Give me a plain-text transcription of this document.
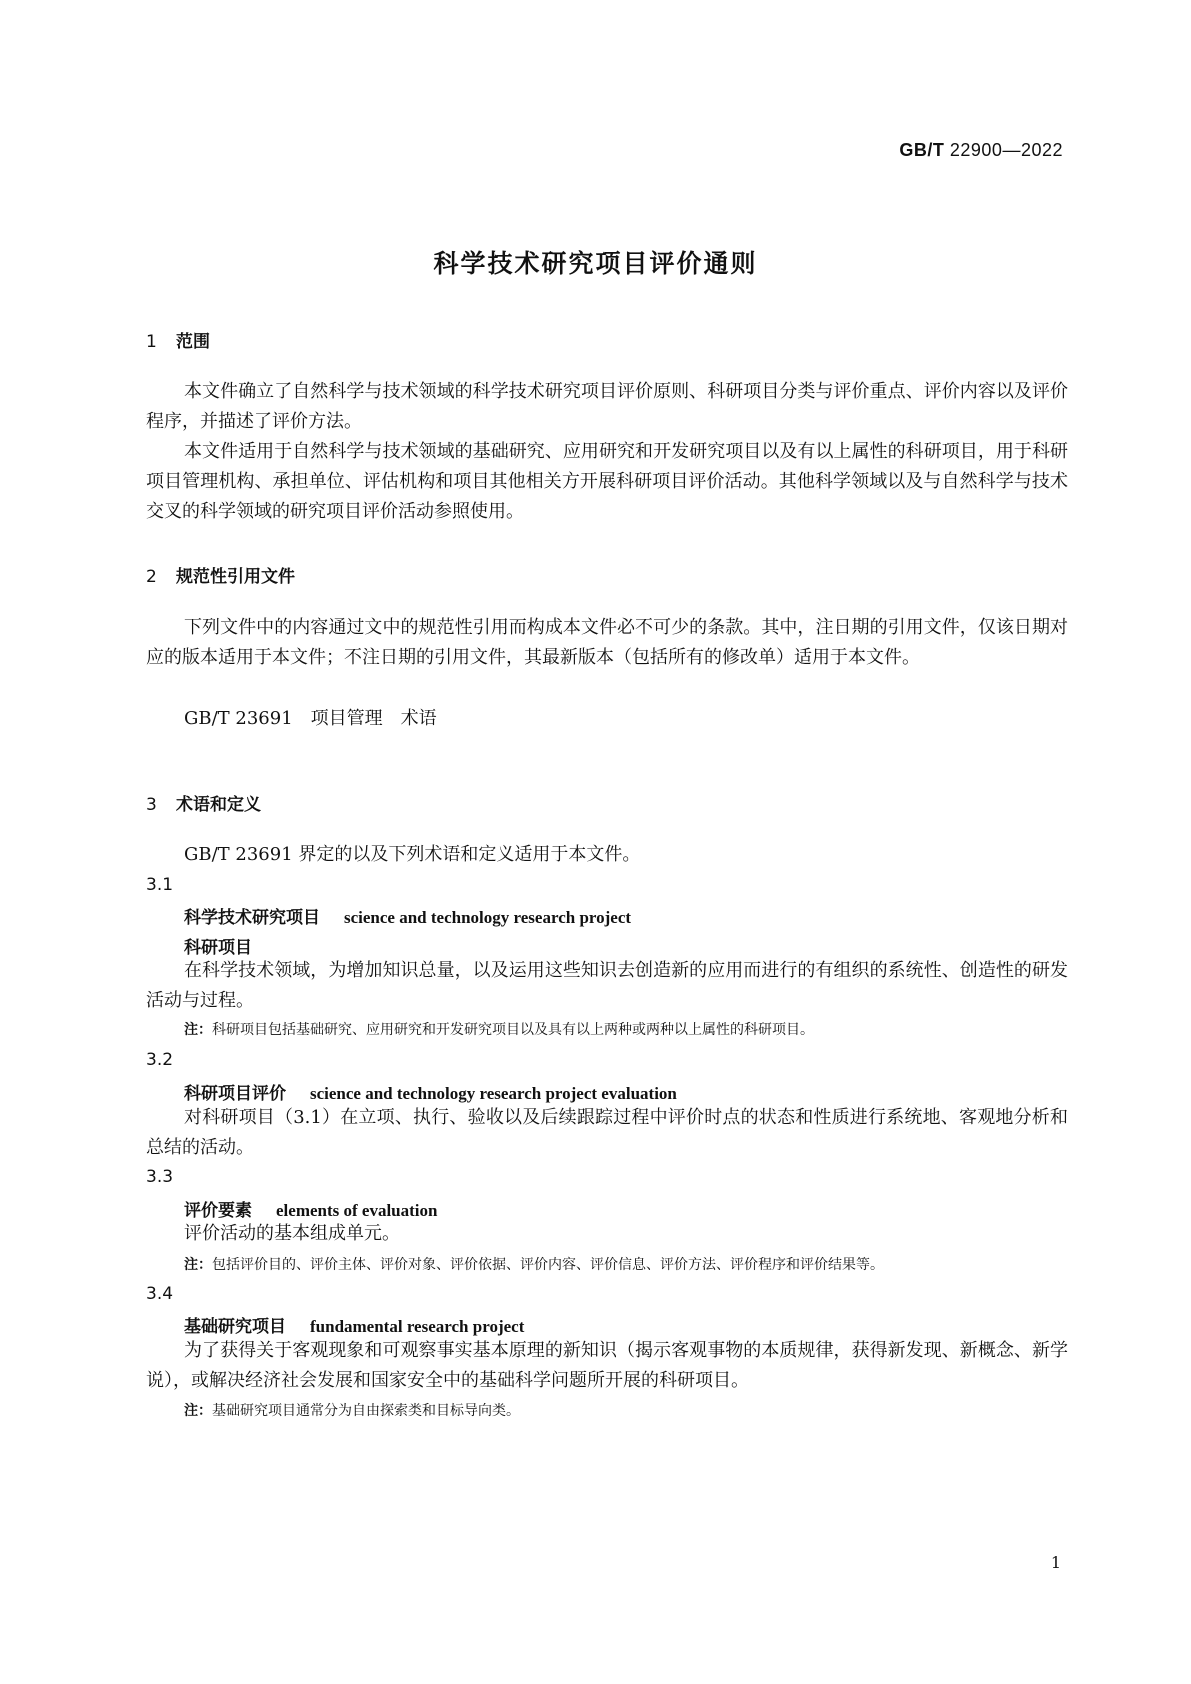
GB/T 22900—2022
科学技术研究项目评价通则
1 范围
本文件确立了自然科学与技术领域的科学技术研究项目评价原则、科研项目分类与评价重点、评价内容以及评价程序，并描述了评价方法。
本文件适用于自然科学与技术领域的基础研究、应用研究和开发研究项目以及有以上属性的科研项目，用于科研项目管理机构、承担单位、评估机构和项目其他相关方开展科研项目评价活动。其他科学领域以及与自然科学与技术交叉的科学领域的研究项目评价活动参照使用。
2 规范性引用文件
下列文件中的内容通过文中的规范性引用而构成本文件必不可少的条款。其中，注日期的引用文件，仅该日期对应的版本适用于本文件；不注日期的引用文件，其最新版本（包括所有的修改单）适用于本文件。
GB/T 23691　项目管理　术语
3 术语和定义
GB/T 23691 界定的以及下列术语和定义适用于本文件。
3.1
科学技术研究项目 science and technology research project
科研项目
在科学技术领域，为增加知识总量，以及运用这些知识去创造新的应用而进行的有组织的系统性、创造性的研发活动与过程。
注：科研项目包括基础研究、应用研究和开发研究项目以及具有以上两种或两种以上属性的科研项目。
3.2
科研项目评价 science and technology research project evaluation
对科研项目（3.1）在立项、执行、验收以及后续跟踪过程中评价时点的状态和性质进行系统地、客观地分析和总结的活动。
3.3
评价要素 elements of evaluation
评价活动的基本组成单元。
注：包括评价目的、评价主体、评价对象、评价依据、评价内容、评价信息、评价方法、评价程序和评价结果等。
3.4
基础研究项目 fundamental research project
为了获得关于客观现象和可观察事实基本原理的新知识（揭示客观事物的本质规律，获得新发现、新概念、新学说），或解决经济社会发展和国家安全中的基础科学问题所开展的科研项目。
注：基础研究项目通常分为自由探索类和目标导向类。
1
